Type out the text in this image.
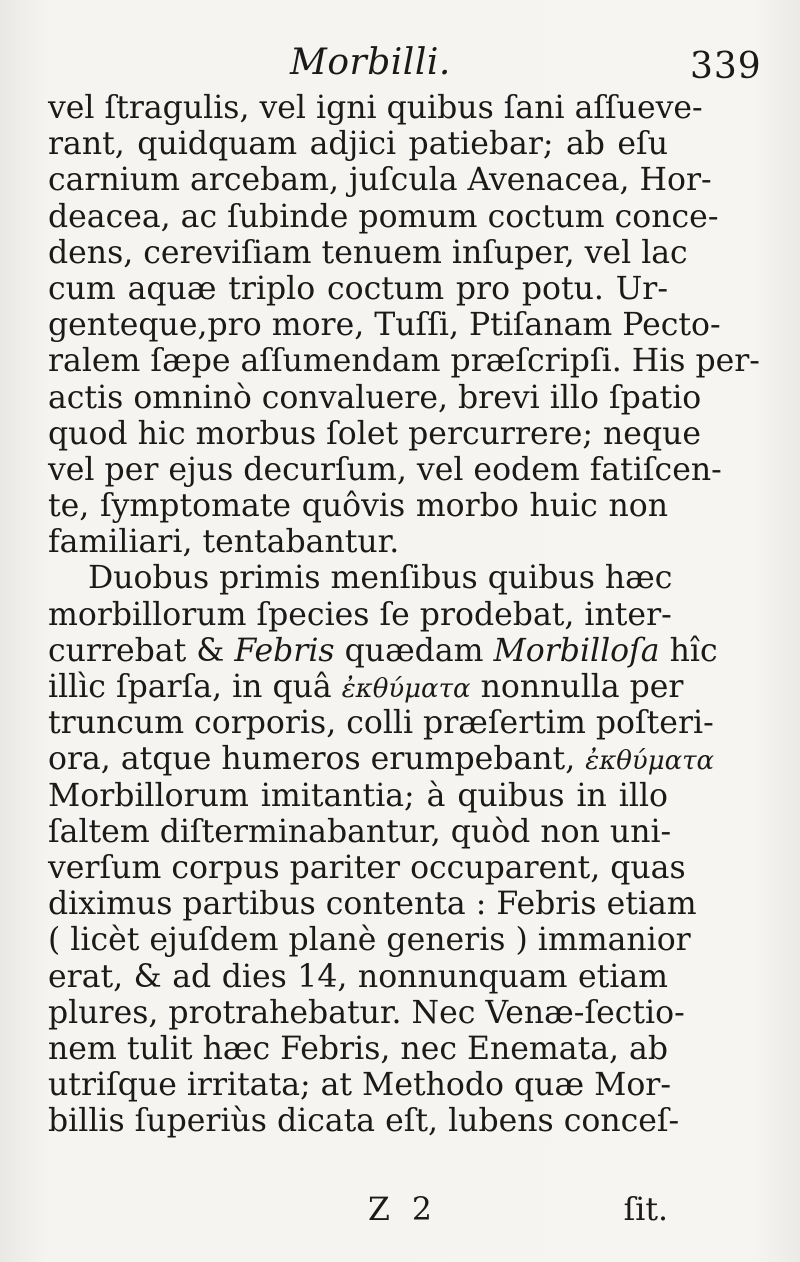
Morbilli.	339
vel ſtragulis, vel igni quibus ſani aſſueve-
rant, quidquam adjici patiebar; ab eſu
carnium arcebam, juſcula Avenacea, Hor-
deacea, ac ſubinde pomum coctum conce-
dens, cereviſiam tenuem inſuper, vel lac
cum aquæ triplo coctum pro potu. Ur-
genteque,pro more, Tuſſi, Ptiſanam Pecto-
ralem ſæpe aſſumendam præſcripſi. His per-
actis omninò convaluere, brevi illo ſpatio
quod hic morbus ſolet percurrere; neque
vel per ejus decurſum, vel eodem fatiſcen-
te, ſymptomate quôvis morbo huic non
familiari, tentabantur.
Duobus primis menſibus quibus hæc
morbillorum ſpecies ſe prodebat, inter-
currebat & Febris quædam Morbilloſa hîc
illìc ſparſa, in quâ ἐκθύματα nonnulla per
truncum corporis, colli præſertim poſteri-
ora, atque humeros erumpebant, ἐκθύματα
Morbillorum imitantia; à quibus in illo
ſaltem diſterminabantur, quòd non uni-
verſum corpus pariter occuparent, quas
diximus partibus contenta : Febris etiam
( licèt ejuſdem planè generis ) immanior
erat, & ad dies 14, nonnunquam etiam
plures, protrahebatur. Nec Venæ-ſectio-
nem tulit hæc Febris, nec Enemata, ab
utriſque irritata; at Methodo quæ Mor-
billis ſuperiùs dicata eſt, lubens conceſ-
Z 2	ſit.
